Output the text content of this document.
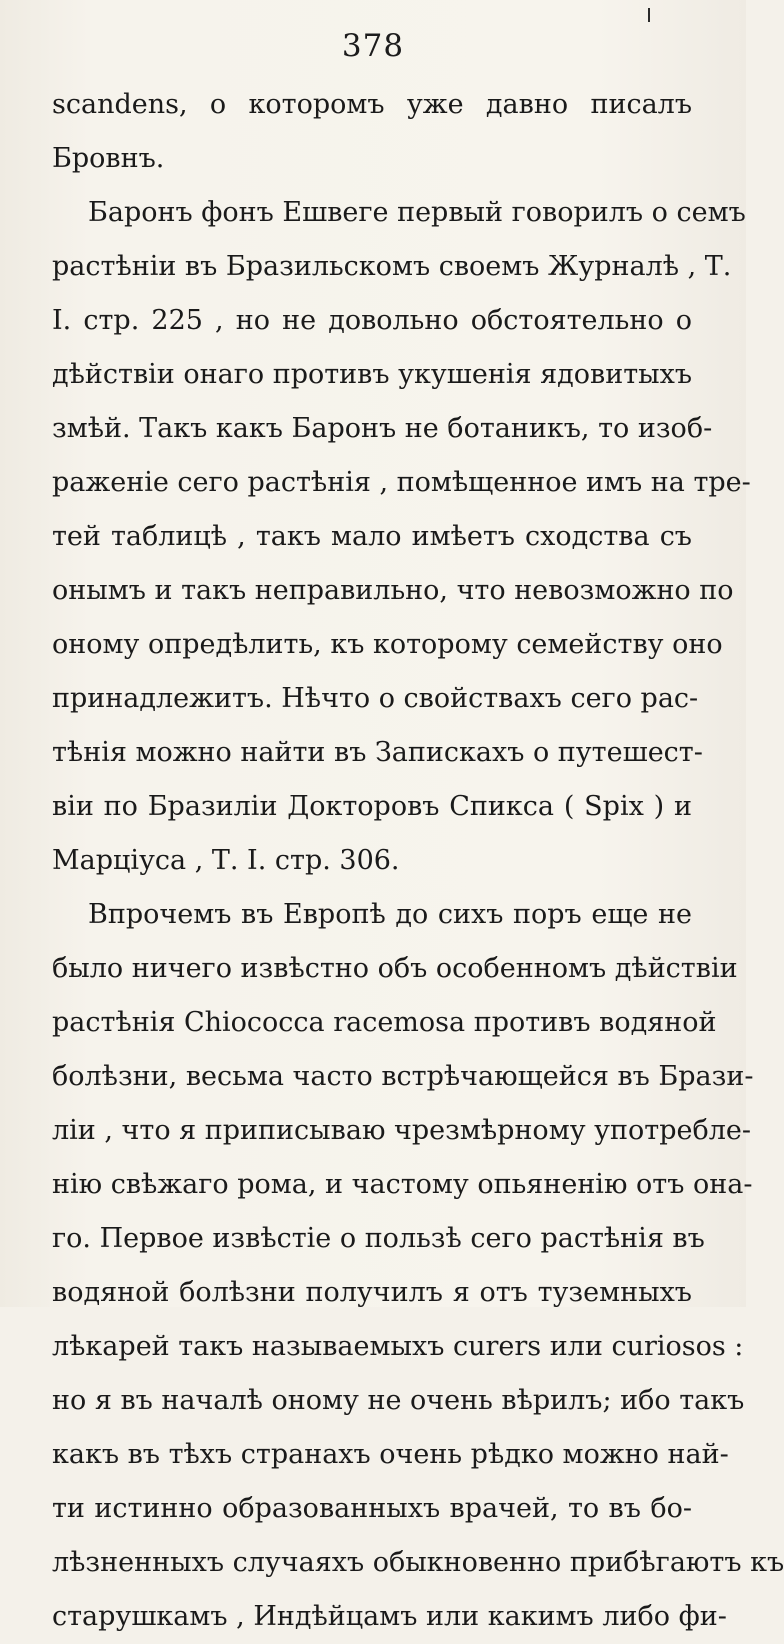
378
scandens, о которомъ уже давно писалъ
Бровнъ.
Баронъ фонъ Ешвеге первый говорилъ о семъ
растѣніи въ Бразильскомъ своемъ Журналѣ , Т.
I. стр. 225 , но не довольно обстоятельно о
дѣйствіи онаго противъ укушенія ядовитыхъ
змѣй. Такъ какъ Баронъ не ботаникъ, то изоб-
раженіе сего растѣнія , помѣщенное имъ на тре-
тей таблицѣ , такъ мало имѣетъ сходства съ
онымъ и такъ неправильно, что невозможно по
оному опредѣлить, къ которому семейству оно
принадлежитъ. Нѣчто о свойствахъ сего рас-
тѣнія можно найти въ Запискахъ о путешест-
віи по Бразиліи Докторовъ Спикса ( Spix ) и
Марціуса , Т. I. стр. 306.
Впрочемъ въ Европѣ до сихъ поръ еще не
было ничего извѣстно объ особенномъ дѣйствіи
растѣнія Chiococca racemosa противъ водяной
болѣзни, весьма часто встрѣчающейся въ Брази-
ліи , что я приписываю чрезмѣрному употребле-
нію свѣжаго рома, и частому опьяненію отъ она-
го. Первое извѣстіе о пользѣ сего растѣнія въ
водяной болѣзни получилъ я отъ туземныхъ
лѣкарей такъ называемыхъ curers или curiosos :
но я въ началѣ оному не очень вѣрилъ; ибо такъ
какъ въ тѣхъ странахъ очень рѣдко можно най-
ти истинно образованныхъ врачей, то въ бо-
лѣзненныхъ случаяхъ обыкновенно прибѣгаютъ къ
старушкамъ , Индѣйцамъ или какимъ либо фи-
